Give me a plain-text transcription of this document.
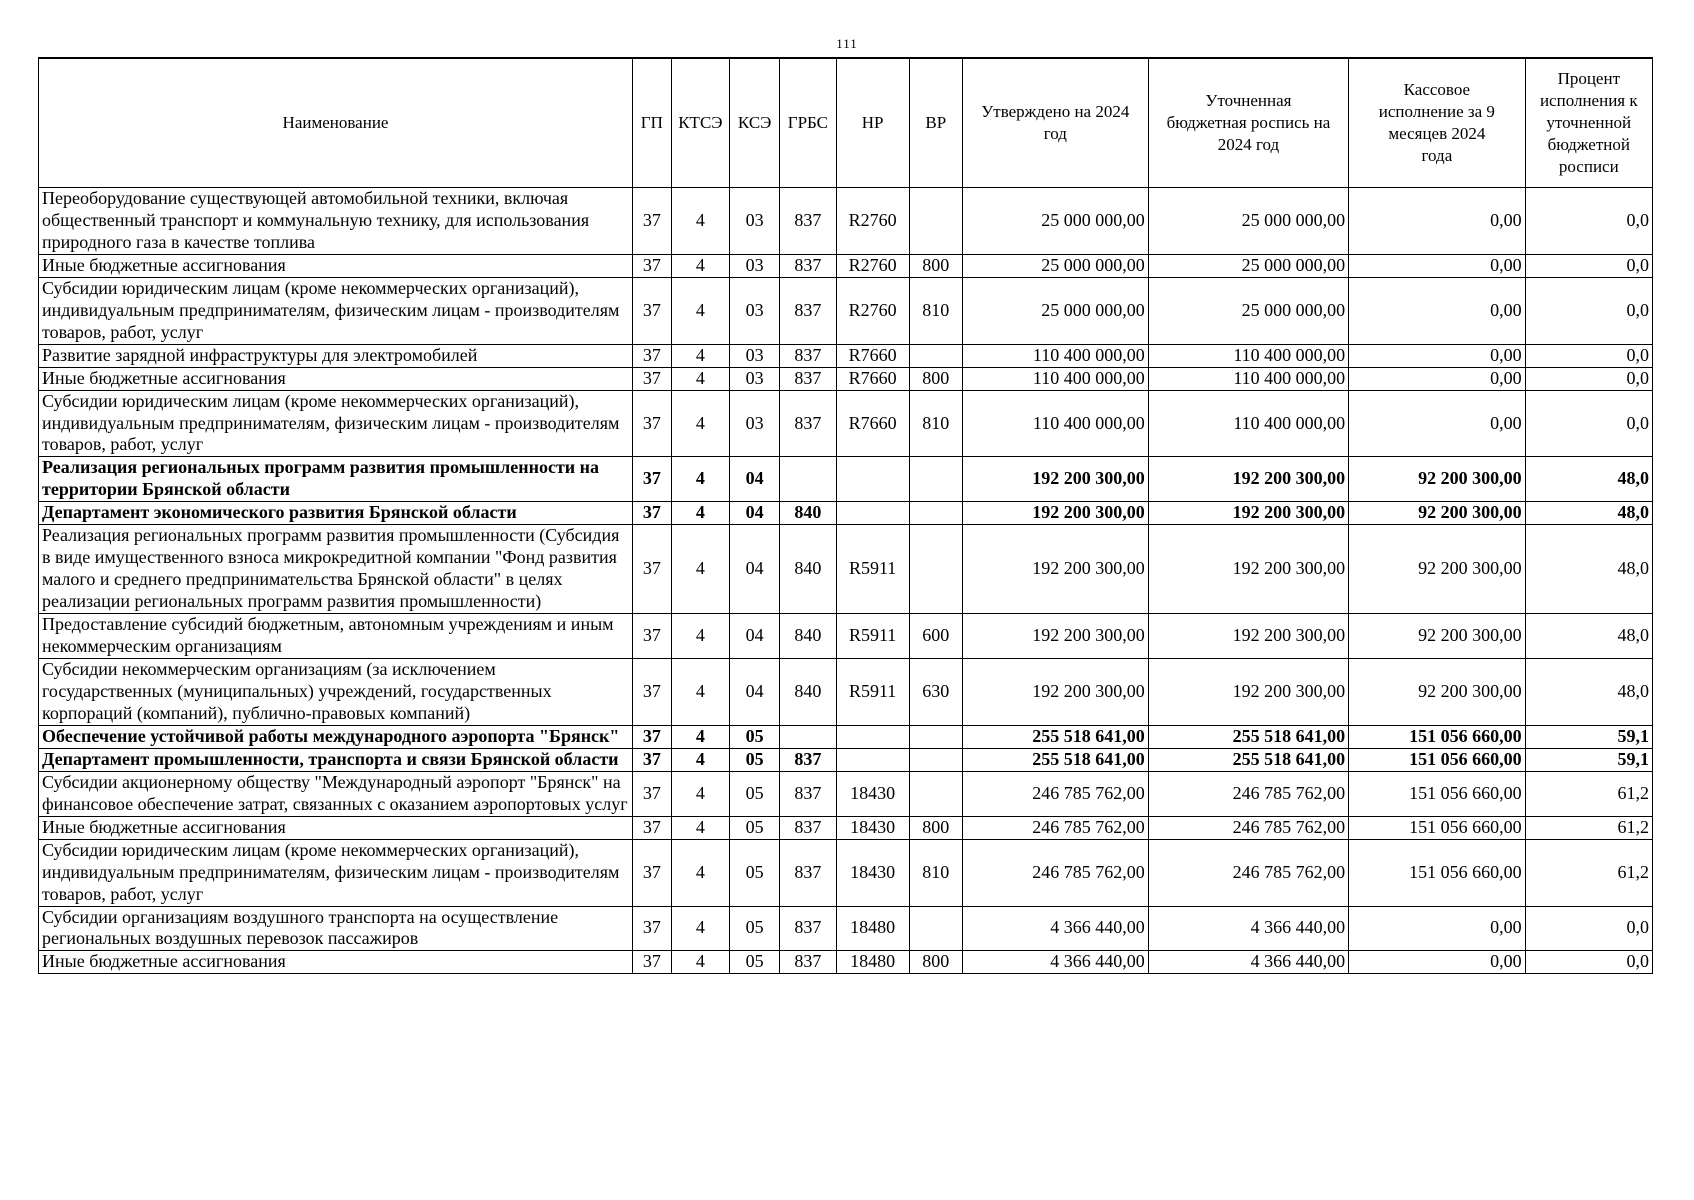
111
Наименование	ГП	КТСЭ	КСЭ	ГРБС	НР	ВР	Утверждено на 2024 год	Уточненная бюджетная роспись на 2024 год	Кассовое исполнение за 9 месяцев 2024 года	Процент исполнения к уточненной бюджетной росписи
Переоборудование существующей автомобильной техники, включая общественный транспорт и коммунальную технику, для использования природного газа в качестве топлива	37	4	03	837	R2760		25 000 000,00	25 000 000,00	0,00	0,0
Иные бюджетные ассигнования	37	4	03	837	R2760	800	25 000 000,00	25 000 000,00	0,00	0,0
Субсидии юридическим лицам (кроме некоммерческих организаций), индивидуальным предпринимателям, физическим лицам - производителям товаров, работ, услуг	37	4	03	837	R2760	810	25 000 000,00	25 000 000,00	0,00	0,0
Развитие зарядной инфраструктуры для электромобилей	37	4	03	837	R7660		110 400 000,00	110 400 000,00	0,00	0,0
Иные бюджетные ассигнования	37	4	03	837	R7660	800	110 400 000,00	110 400 000,00	0,00	0,0
Субсидии юридическим лицам (кроме некоммерческих организаций), индивидуальным предпринимателям, физическим лицам - производителям товаров, работ, услуг	37	4	03	837	R7660	810	110 400 000,00	110 400 000,00	0,00	0,0
Реализация региональных программ развития промышленности на территории Брянской области	37	4	04				192 200 300,00	192 200 300,00	92 200 300,00	48,0
Департамент экономического развития Брянской области	37	4	04	840			192 200 300,00	192 200 300,00	92 200 300,00	48,0
Реализация региональных программ развития промышленности (Субсидия в виде имущественного взноса микрокредитной компании "Фонд развития малого и среднего предпринимательства Брянской области" в целях реализации региональных программ развития промышленности)	37	4	04	840	R5911		192 200 300,00	192 200 300,00	92 200 300,00	48,0
Предоставление субсидий бюджетным, автономным учреждениям и иным некоммерческим организациям	37	4	04	840	R5911	600	192 200 300,00	192 200 300,00	92 200 300,00	48,0
Субсидии некоммерческим организациям (за исключением государственных (муниципальных) учреждений, государственных корпораций (компаний), публично-правовых компаний)	37	4	04	840	R5911	630	192 200 300,00	192 200 300,00	92 200 300,00	48,0
Обеспечение устойчивой работы международного аэропорта "Брянск"	37	4	05				255 518 641,00	255 518 641,00	151 056 660,00	59,1
Департамент промышленности, транспорта и связи Брянской области	37	4	05	837			255 518 641,00	255 518 641,00	151 056 660,00	59,1
Субсидии акционерному обществу "Международный аэропорт "Брянск" на финансовое обеспечение затрат, связанных с оказанием аэропортовых услуг	37	4	05	837	18430		246 785 762,00	246 785 762,00	151 056 660,00	61,2
Иные бюджетные ассигнования	37	4	05	837	18430	800	246 785 762,00	246 785 762,00	151 056 660,00	61,2
Субсидии юридическим лицам (кроме некоммерческих организаций), индивидуальным предпринимателям, физическим лицам - производителям товаров, работ, услуг	37	4	05	837	18430	810	246 785 762,00	246 785 762,00	151 056 660,00	61,2
Субсидии организациям воздушного транспорта на осуществление региональных воздушных перевозок пассажиров	37	4	05	837	18480		4 366 440,00	4 366 440,00	0,00	0,0
Иные бюджетные ассигнования	37	4	05	837	18480	800	4 366 440,00	4 366 440,00	0,00	0,0
